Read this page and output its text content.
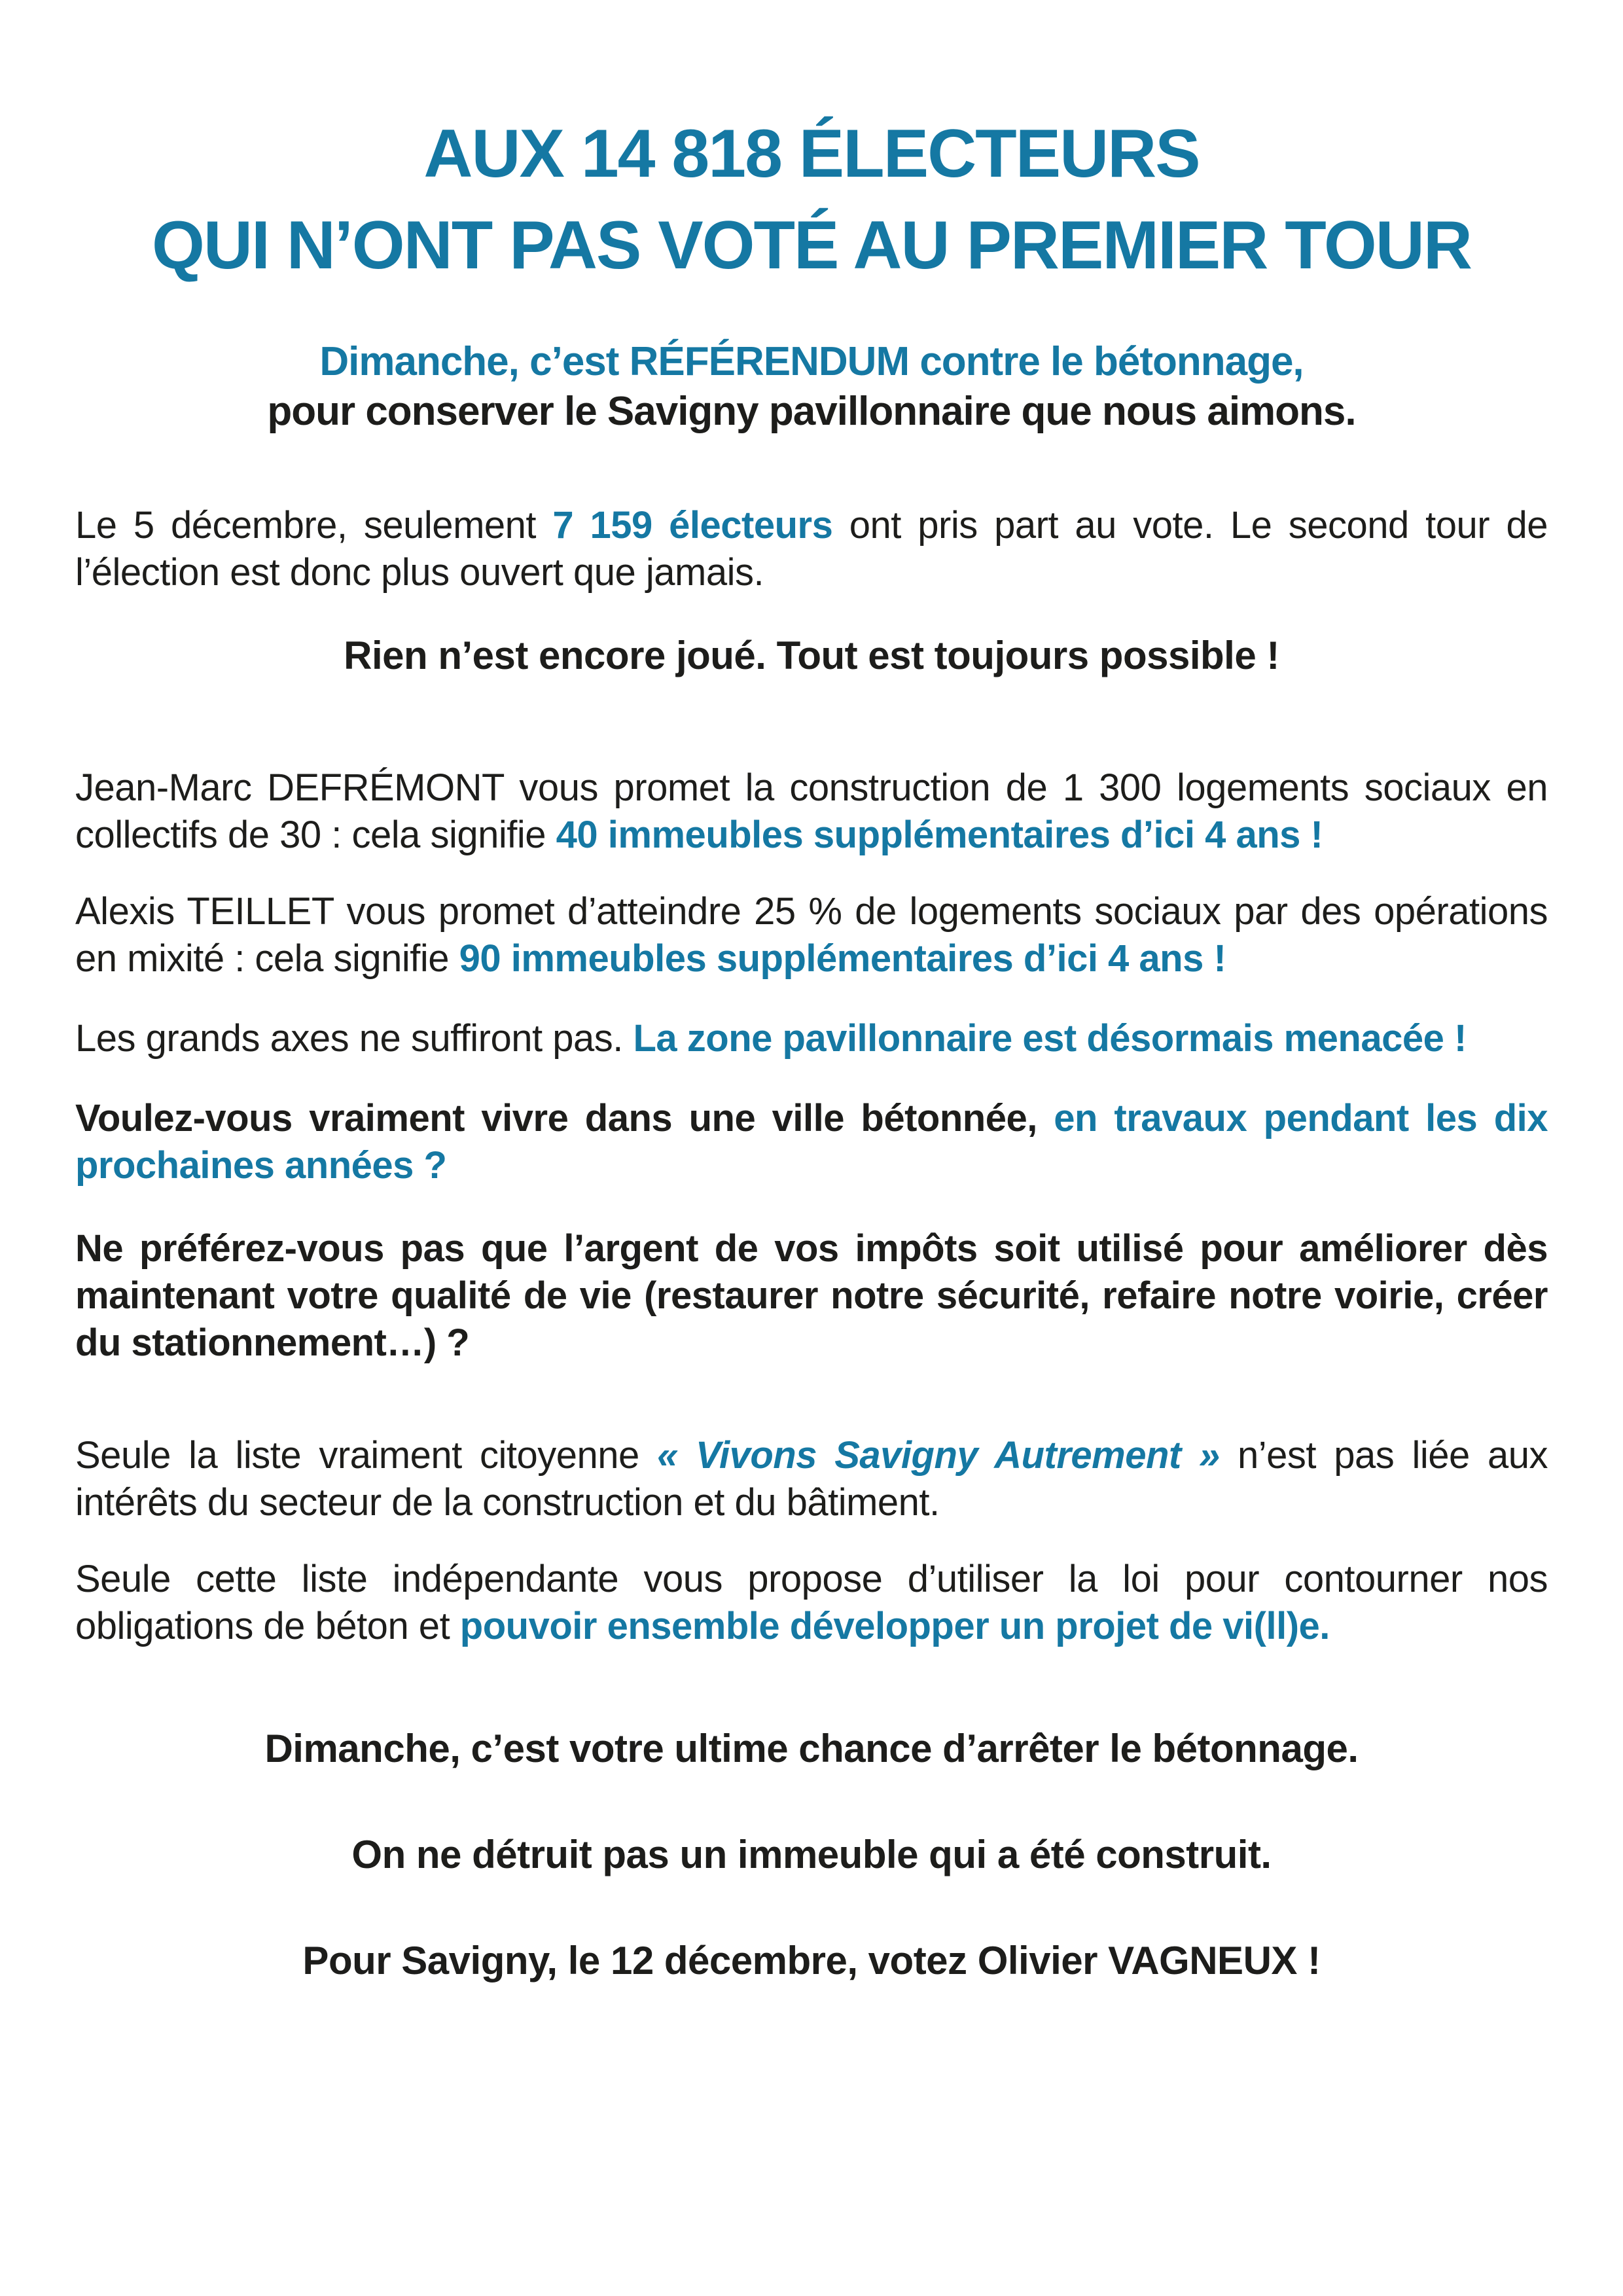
AUX 14 818 ÉLECTEURS
QUI N’ONT PAS VOTÉ AU PREMIER TOUR

Dimanche, c’est RÉFÉRENDUM contre le bétonnage,
pour conserver le Savigny pavillonnaire que nous aimons.

Le 5 décembre, seulement 7 159 électeurs ont pris part au vote. Le second tour de l’élection est donc plus ouvert que jamais.

Rien n’est encore joué. Tout est toujours possible !

Jean-Marc DEFRÉMONT vous promet la construction de 1 300 logements sociaux en collectifs de 30 : cela signifie 40 immeubles supplémentaires d’ici 4 ans !

Alexis TEILLET vous promet d’atteindre 25 % de logements sociaux par des opérations en mixité : cela signifie 90 immeubles supplémentaires d’ici 4 ans !

Les grands axes ne suffiront pas. La zone pavillonnaire est désormais menacée !

Voulez-vous vraiment vivre dans une ville bétonnée, en travaux pendant les dix prochaines années ?

Ne préférez-vous pas que l’argent de vos impôts soit utilisé pour améliorer dès maintenant votre qualité de vie (restaurer notre sécurité, refaire notre voirie, créer du stationnement…) ?

Seule la liste vraiment citoyenne « Vivons Savigny Autrement » n’est pas liée aux intérêts du secteur de la construction et du bâtiment.

Seule cette liste indépendante vous propose d’utiliser la loi pour contourner nos obligations de béton et pouvoir ensemble développer un projet de vi(ll)e.

Dimanche, c’est votre ultime chance d’arrêter le bétonnage.

On ne détruit pas un immeuble qui a été construit.

Pour Savigny, le 12 décembre, votez Olivier VAGNEUX !
